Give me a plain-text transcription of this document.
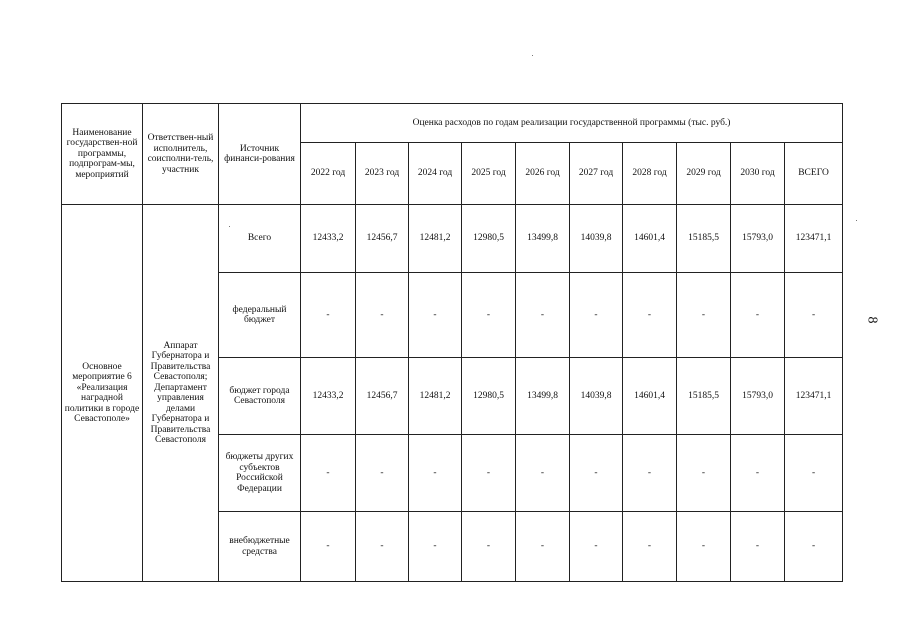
Наименование государствен-ной программы, подпрограм-мы, мероприятий	Ответствен-ный исполнитель, соисполни-тель, участник	Источник финанси-рования	Оценка расходов по годам реализации государственной программы (тыс. руб.)									
			2022 год	2023 год	2024 год	2025 год	2026 год	2027 год	2028 год	2029 год	2030 год	ВСЕГО
Основное мероприятие 6 «Реализация наградной политики в городе Севастополе»	Аппарат Губернатора и Правительства Севастополя; Департамент управления делами Губернатора и Правительства Севастополя	Всего	12433,2	12456,7	12481,2	12980,5	13499,8	14039,8	14601,4	15185,5	15793,0	123471,1
		федеральный бюджет	-	-	-	-	-	-	-	-	-	-
		бюджет города Севастополя	12433,2	12456,7	12481,2	12980,5	13499,8	14039,8	14601,4	15185,5	15793,0	123471,1
		бюджеты других субъектов Российской Федерации	-	-	-	-	-	-	-	-	-	-
		внебюджетные средства	-	-	-	-	-	-	-	-	-	-
8
